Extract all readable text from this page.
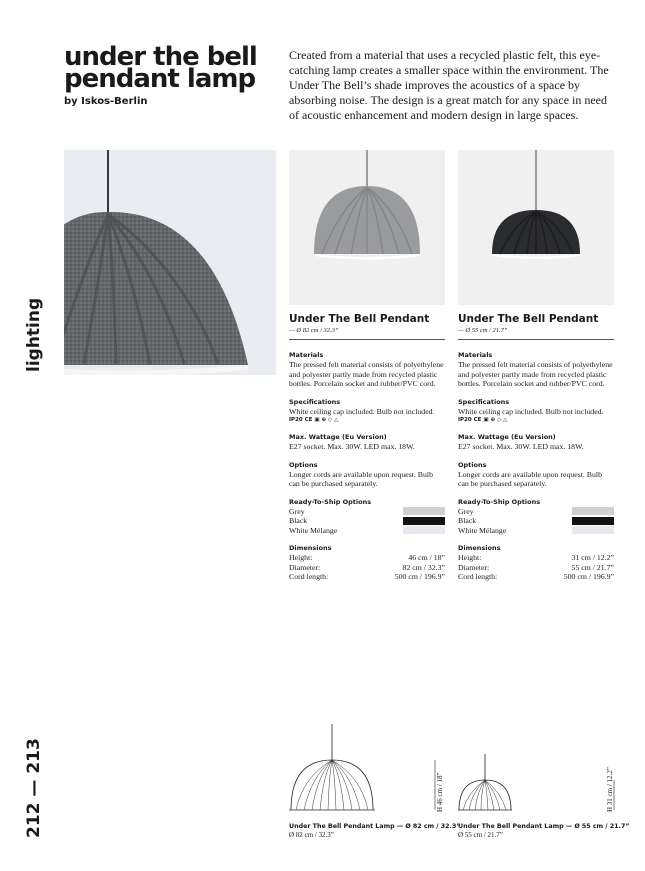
lighting
212 — 213
under the bell
pendant lamp
by Iskos-Berlin

Created from a material that uses a recycled plastic felt, this eye-catching lamp creates a smaller space within the environment. The Under The Bell’s shade improves the acoustics of a space by absorbing noise. The design is a great match for any space in need of acoustic enhancement and modern design in large spaces.

Under The Bell Pendant
— Ø 82 cm / 32.3”
Materials
The pressed felt material consists of polyethylene and polyester partly made from recycled plastic bottles. Porcelain socket and rubber/PVC cord.
Specifications
White ceiling cap included. Bulb not included.
IP20 CE ▣ ⊕ ◇ △
Max. Wattage (Eu Version)
E27 socket. Max. 30W. LED max. 18W.
Options
Longer cords are available upon request. Bulb can be purchased separately.
Ready-To-Ship Options
Grey
Black
White Mélange
Dimensions
Height:	46 cm / 18”
Diameter:	82 cm / 32.3”
Cord length:	500 cm / 196.9”
Under The Bell Pendant
— Ø 55 cm / 21.7”
Materials
The pressed felt material consists of polyethylene and polyester partly made from recycled plastic bottles. Porcelain socket and rubber/PVC cord.
Specifications
White ceiling cap included. Bulb not included.
IP20 CE ▣ ⊕ ◇ △
Max. Wattage (Eu Version)
E27 socket. Max. 30W. LED max. 18W.
Options
Longer cords are available upon request. Bulb can be purchased separately.
Ready-To-Ship Options
Grey
Black
White Mélange
Dimensions
Height:	31 cm / 12.2”
Diameter:	55 cm / 21.7”
Cord length:	500 cm / 196.9”
H 46 cm / 18”	H 31 cm / 12.2”
Under The Bell Pendant Lamp — Ø 82 cm / 32.3”
Ø 82 cm / 32.3”
Under The Bell Pendant Lamp — Ø 55 cm / 21.7”
Ø 55 cm / 21.7”
